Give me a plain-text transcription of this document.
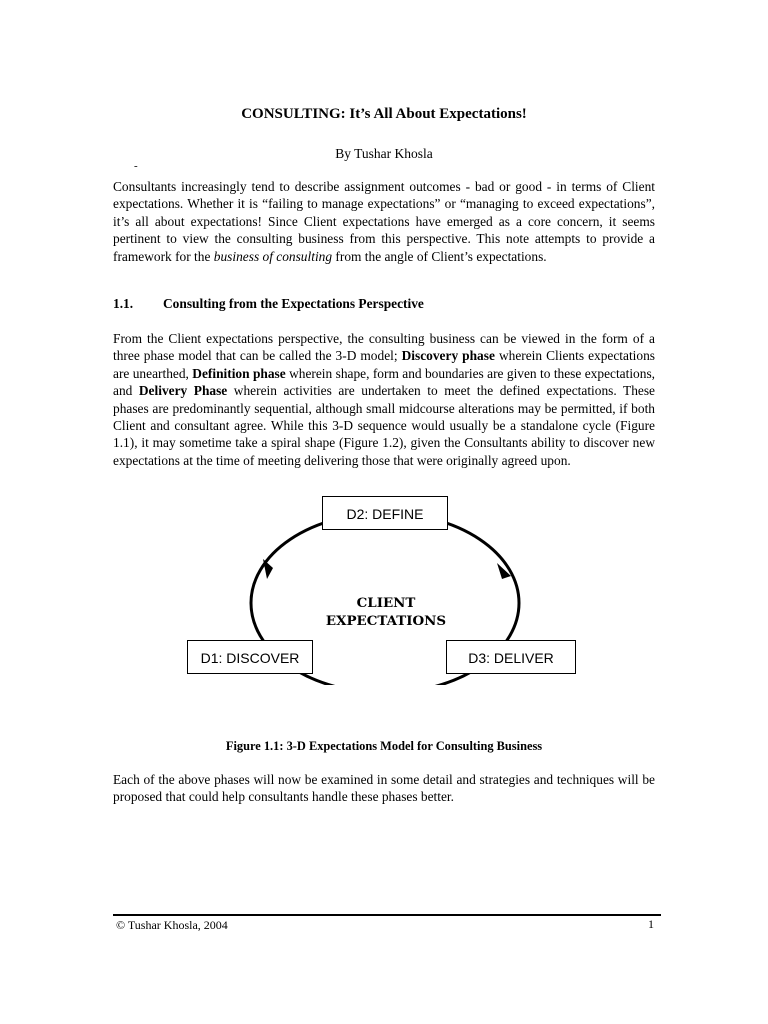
CONSULTING: It’s All About Expectations!
By Tushar Khosla
-

Consultants increasingly tend to describe assignment outcomes - bad or good - in terms of Client expectations. Whether it is “failing to manage expectations” or “managing to exceed expectations”, it’s all about expectations! Since Client expectations have emerged as a core concern, it seems pertinent to view the consulting business from this perspective. This note attempts to provide a framework for the business of consulting from the angle of Client’s expectations.

1.1. Consulting from the Expectations Perspective

From the Client expectations perspective, the consulting business can be viewed in the form of a three phase model that can be called the 3-D model; Discovery phase wherein Clients expectations are unearthed, Definition phase wherein shape, form and boundaries are given to these expectations, and Delivery Phase wherein activities are undertaken to meet the defined expectations. These phases are predominantly sequential, although small midcourse alterations may be permitted, if both Client and consultant agree. While this 3-D sequence would usually be a standalone cycle (Figure 1.1), it may sometime take a spiral shape (Figure 1.2), given the Consultants ability to discover new expectations at the time of meeting delivering those that were originally agreed upon.

D2: DEFINE
D1: DISCOVER	D3: DELIVER
CLIENT
EXPECTATIONS
Figure 1.1: 3-D Expectations Model for Consulting Business

Each of the above phases will now be examined in some detail and strategies and techniques will be proposed that could help consultants handle these phases better.

© Tushar Khosla, 2004	1
